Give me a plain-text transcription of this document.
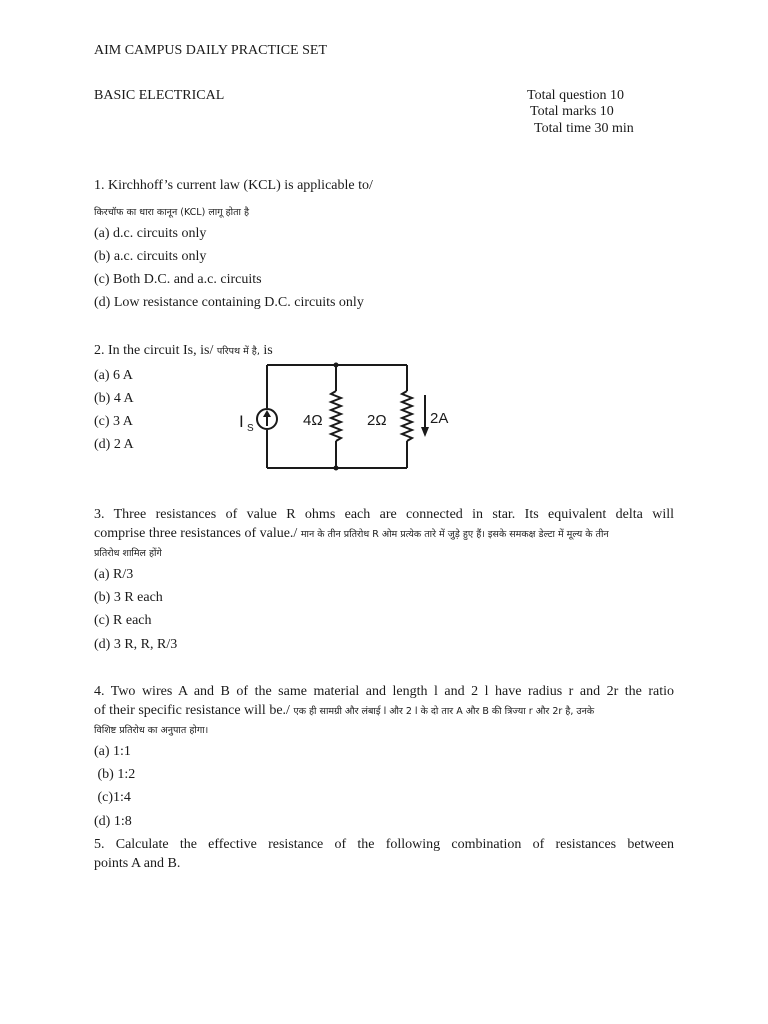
AIM CAMPUS DAILY PRACTICE SET
BASIC ELECTRICAL	Total question 10
Total marks 10
Total time 30 min
1. Kirchhoff’s current law (KCL) is applicable to/
किरचॉफ का धारा कानून (KCL) लागू होता है
(a) d.c. circuits only
(b) a.c. circuits only
(c) Both D.C. and a.c. circuits
(d) Low resistance containing D.C. circuits only
2. In the circuit Is, is/ परिपथ में है, is
(a) 6 A
(b) 4 A
(c) 3 A
(d) 2 A
I S	4Ω	2Ω	2A
3. Three resistances of value R ohms each are connected in star. Its equivalent delta will
comprise three resistances of value./ मान के तीन प्रतिरोध R ओम प्रत्येक तारे में जुड़े हुए हैं। इसके समकक्ष डेल्टा में मूल्य के तीन
प्रतिरोध शामिल होंगे
(a) R/3
(b) 3 R each
(c) R each
(d) 3 R, R, R/3
4. Two wires A and B of the same material and length l and 2 l have radius r and 2r the ratio
of their specific resistance will be./ एक ही सामग्री और लंबाई l और 2 l के दो तार A और B की त्रिज्या r और 2r है, उनके
विशिष्ट प्रतिरोध का अनुपात होगा।
(a) 1:1
(b) 1:2
(c)1:4
(d) 1:8
5. Calculate the effective resistance of the following combination of resistances between
points A and B.
